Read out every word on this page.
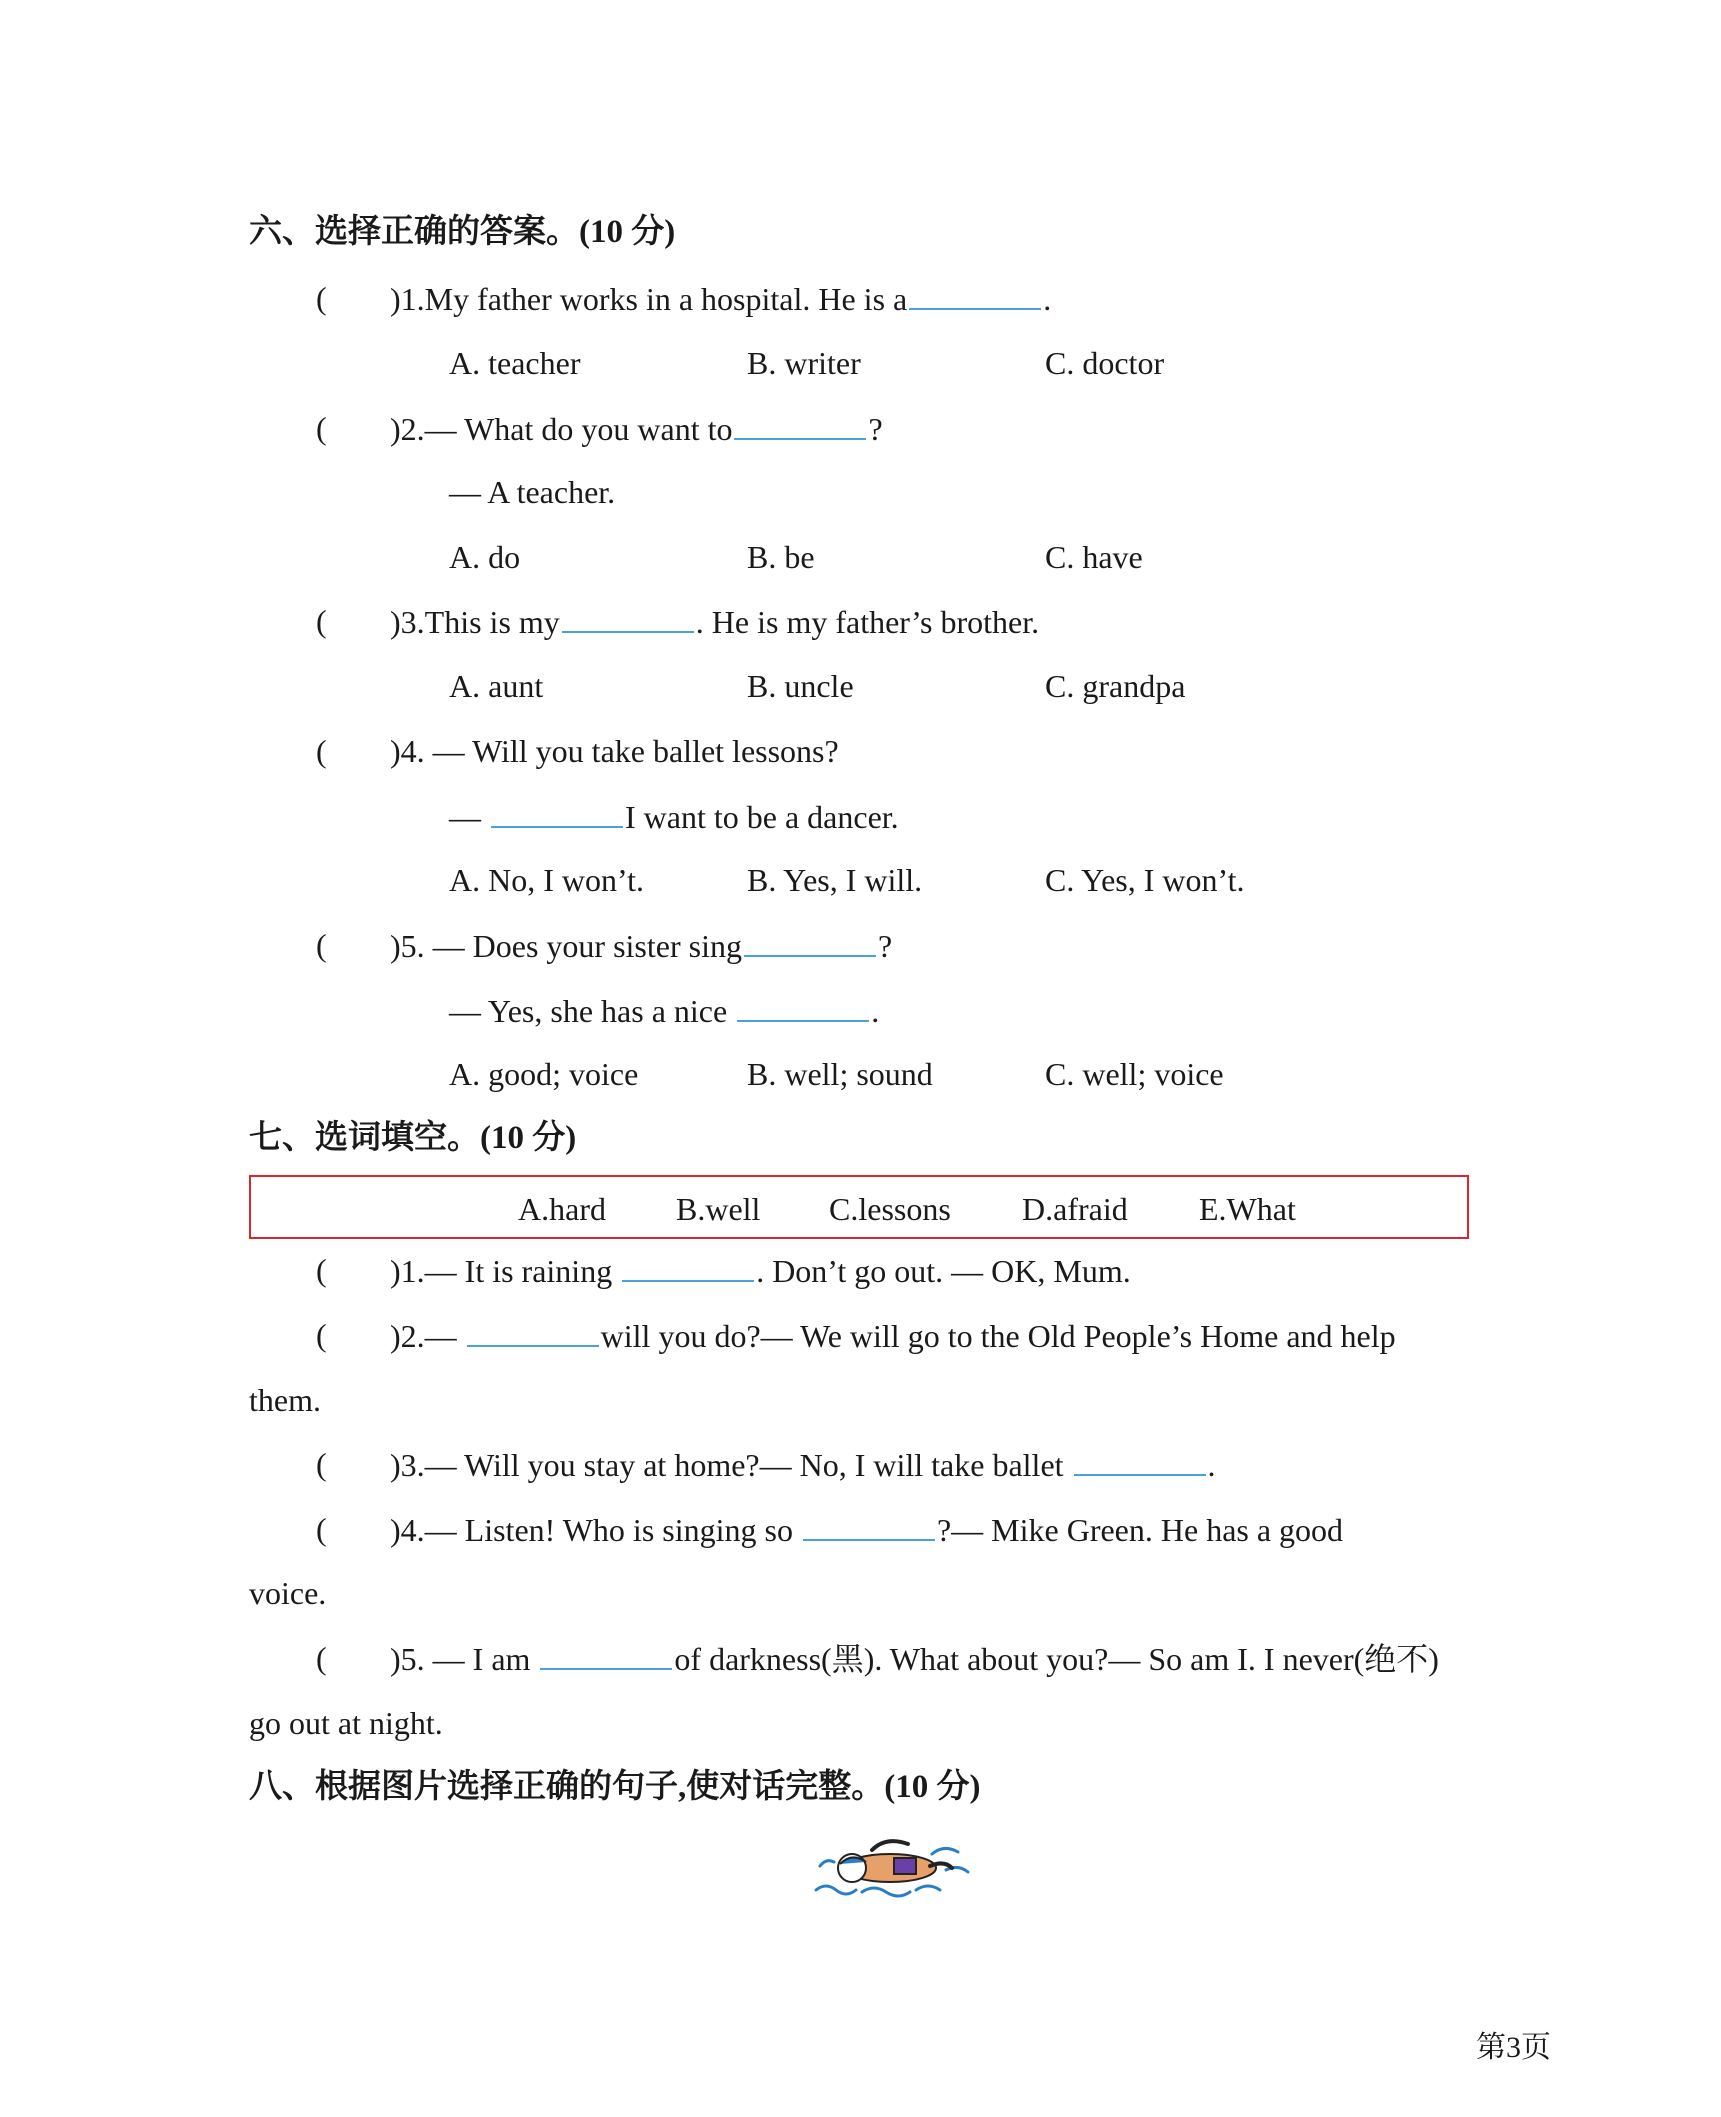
六、选择正确的答案。(10 分)
( )1.My father works in a hospital. He is a	.
A. teacher	B. writer	C. doctor
( )2.— What do you want to	?
— A teacher.
A. do	B. be	C. have
( )3.This is my	. He is my father’s brother.
A. aunt	B. uncle	C. grandpa
( )4. — Will you take ballet lessons?
—	I want to be a dancer.
A. No, I won’t.	B. Yes, I will.	C. Yes, I won’t.
( )5. — Does your sister sing	?
— Yes, she has a nice	.
A. good; voice	B. well; sound	C. well; voice
七、选词填空。(10 分)
A.hard B.well C.lessons D.afraid E.What
( )1.— It is raining	. Don’t go out. — OK, Mum.
( )2.—	will you do?— We will go to the Old People’s Home and help
them.
( )3.— Will you stay at home?— No, I will take ballet	.
( )4.— Listen! Who is singing so	?— Mike Green. He has a good
voice.
( )5. — I am	of darkness(黑). What about you?— So am I. I never(绝不)
go out at night.
八、根据图片选择正确的句子,使对话完整。(10 分)
第3页
